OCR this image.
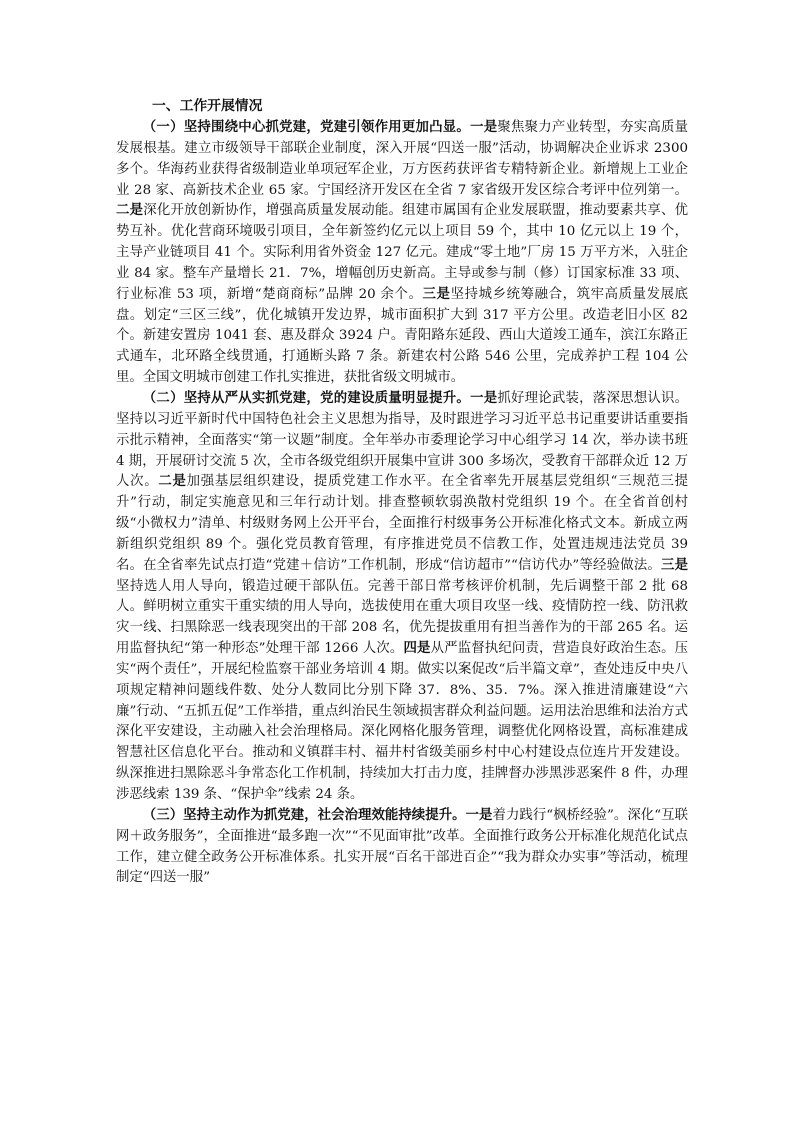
一、工作开展情况

（一）坚持围绕中心抓党建，党建引领作用更加凸显。一是聚焦聚力产业转型，夯实高质量发展根基。建立市级领导干部联企业制度，深入开展“四送一服”活动，协调解决企业诉求 2300 多个。华海药业获得省级制造业单项冠军企业，万方医药获评省专精特新企业。新增规上工业企业 28 家、高新技术企业 65 家。宁国经济开发区在全省 7 家省级开发区综合考评中位列第一。二是深化开放创新协作，增强高质量发展动能。组建市属国有企业发展联盟，推动要素共享、优势互补。优化营商环境吸引项目，全年新签约亿元以上项目 59 个，其中 10 亿元以上 19 个，主导产业链项目 41 个。实际利用省外资金 127 亿元。建成“零土地”厂房 15 万平方米，入驻企业 84 家。整车产量增长 21．7%，增幅创历史新高。主导或参与制（修）订国家标准 33 项、行业标准 53 项，新增“楚商商标”品牌 20 余个。三是坚持城乡统筹融合，筑牢高质量发展底盘。划定“三区三线”，优化城镇开发边界，城市面积扩大到 317 平方公里。改造老旧小区 82 个。新建安置房 1041 套、惠及群众 3924 户。青阳路东延段、西山大道竣工通车，滨江东路正式通车，北环路全线贯通，打通断头路 7 条。新建农村公路 546 公里，完成养护工程 104 公里。全国文明城市创建工作扎实推进，获批省级文明城市。

（二）坚持从严从实抓党建，党的建设质量明显提升。一是抓好理论武装，落深思想认识。坚持以习近平新时代中国特色社会主义思想为指导，及时跟进学习习近平总书记重要讲话重要指示批示精神，全面落实“第一议题”制度。全年举办市委理论学习中心组学习 14 次，举办读书班 4 期，开展研讨交流 5 次，全市各级党组织开展集中宣讲 300 多场次，受教育干部群众近 12 万人次。二是加强基层组织建设，提质党建工作水平。在全省率先开展基层党组织“三规范三提升”行动，制定实施意见和三年行动计划。排查整顿软弱涣散村党组织 19 个。在全省首创村级“小微权力”清单、村级财务网上公开平台，全面推行村级事务公开标准化格式文本。新成立两新组织党组织 89 个。强化党员教育管理，有序推进党员不信教工作，处置违规违法党员 39 名。在全省率先试点打造“党建＋信访”工作机制，形成“信访超市”“信访代办”等经验做法。三是坚持选人用人导向，锻造过硬干部队伍。完善干部日常考核评价机制，先后调整干部 2 批 68 人。鲜明树立重实干重实绩的用人导向，选拔使用在重大项目攻坚一线、疫情防控一线、防汛救灾一线、扫黑除恶一线表现突出的干部 208 名，优先提拔重用有担当善作为的干部 265 名。运用监督执纪“第一种形态”处理干部 1266 人次。四是从严监督执纪问责，营造良好政治生态。压实“两个责任”，开展纪检监察干部业务培训 4 期。做实以案促改“后半篇文章”，查处违反中央八项规定精神问题线件数、处分人数同比分别下降 37．8%、35．7%。深入推进清廉建设“六廉”行动、“五抓五促”工作举措，重点纠治民生领域损害群众利益问题。运用法治思维和法治方式深化平安建设，主动融入社会治理格局。深化网格化服务管理，调整优化网格设置，高标准建成智慧社区信息化平台。推动和义镇群丰村、福井村省级美丽乡村中心村建设点位连片开发建设。纵深推进扫黑除恶斗争常态化工作机制，持续加大打击力度，挂牌督办涉黑涉恶案件 8 件，办理涉恶线索 139 条、“保护伞”线索 24 条。

（三）坚持主动作为抓党建，社会治理效能持续提升。一是着力践行“枫桥经验”。深化“互联网＋政务服务”，全面推进“最多跑一次”“不见面审批”改革。全面推行政务公开标准化规范化试点工作，建立健全政务公开标准体系。扎实开展“百名干部进百企”“我为群众办实事”等活动，梳理制定“四送一服”
